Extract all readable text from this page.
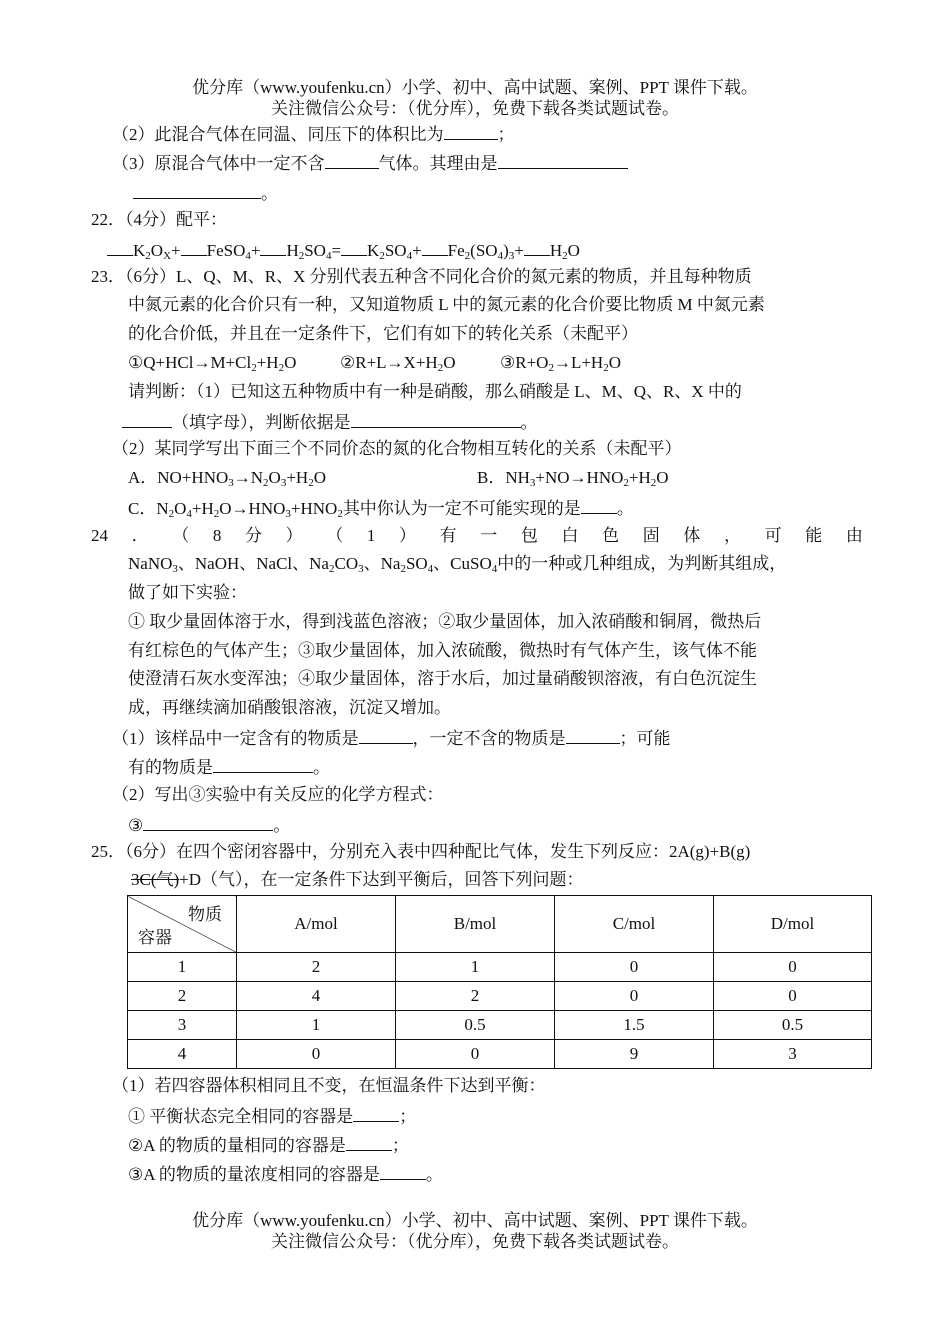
优分库（www.youfenku.cn）小学、初中、高中试题、案例、PPT 课件下载。
关注微信公众号：（优分库），免费下载各类试题试卷。
（2）此混合气体在同温、同压下的体积比为	；
（3）原混合气体中一定不含	气体。其理由是
。
22．（4分）配平：
$K_2O_X+$ FeSO$_4$+ $H_2SO_4= K_2SO_4+ Fe_2(SO_4)_3+ H_2O$
23．（6分）L、Q、M、R、X 分别代表五种含不同化合价的氮元素的物质，并且每种物质
中氮元素的化合价只有一种，又知道物质 L 中的氮元素的化合价要比物质 M 中氮元素
的化合价低，并且在一定条件下，它们有如下的转化关系（未配平）
$①Q+HCl\to M+Cl_2+H_2O$	$②R+L\to X+H_2O$	$③R+O_2\to L+H_2O$
请判断：（1）已知这五种物质中有一种是硝酸，那么硝酸是 L、M、Q、R、X 中的
（填字母），判断依据是	。
（2）某同学写出下面三个不同价态的氮的化合物相互转化的关系（未配平）
A．$NO+HNO_3\to N_2O_3+H_2O$	B．$NH_3+NO\to HNO_2+H_2O$
C．$N_2O_4+H_2O\to HNO_3+HNO_2$其中你认为一定不可能实现的是 。
24 ． （ 8 分 ） （ 1 ） 有 一 包 白 色 固 体 ， 可 能 由
NaNO$_3$、NaOH、NaCl、$Na_2CO_3$、$Na_2SO_4$、CuSO$_4$中的一种或几种组成，为判断其组成，
做了如下实验：
① 取少量固体溶于水，得到浅蓝色溶液；②取少量固体，加入浓硝酸和铜屑，微热后
有红棕色的气体产生；③取少量固体，加入浓硫酸，微热时有气体产生，该气体不能
使澄清石灰水变浑浊；④取少量固体，溶于水后，加过量硝酸钡溶液，有白色沉淀生
成，再继续滴加硝酸银溶液，沉淀又增加。
（1）该样品中一定含有的物质是	，一定不含的物质是	；可能
有的物质是	。
（2）写出③实验中有关反应的化学方程式：
③	。
25．（6分）在四个密闭容器中，分别充入表中四种配比气体，发生下列反应：2A(g)+B(g)
3C(气)+D（气），在一定条件下达到平衡后，回答下列问题：
物质
容器	A/mol	B/mol	C/mol	D/mol
1	2	1	0	0
2	4	2	0	0
3	1	0.5	1.5	0.5
4	0	0	9	3
（1）若四容器体积相同且不变，在恒温条件下达到平衡：
① 平衡状态完全相同的容器是	；
②A 的物质的量相同的容器是	；
③A 的物质的量浓度相同的容器是	。
优分库（www.youfenku.cn）小学、初中、高中试题、案例、PPT 课件下载。
关注微信公众号：（优分库），免费下载各类试题试卷。
